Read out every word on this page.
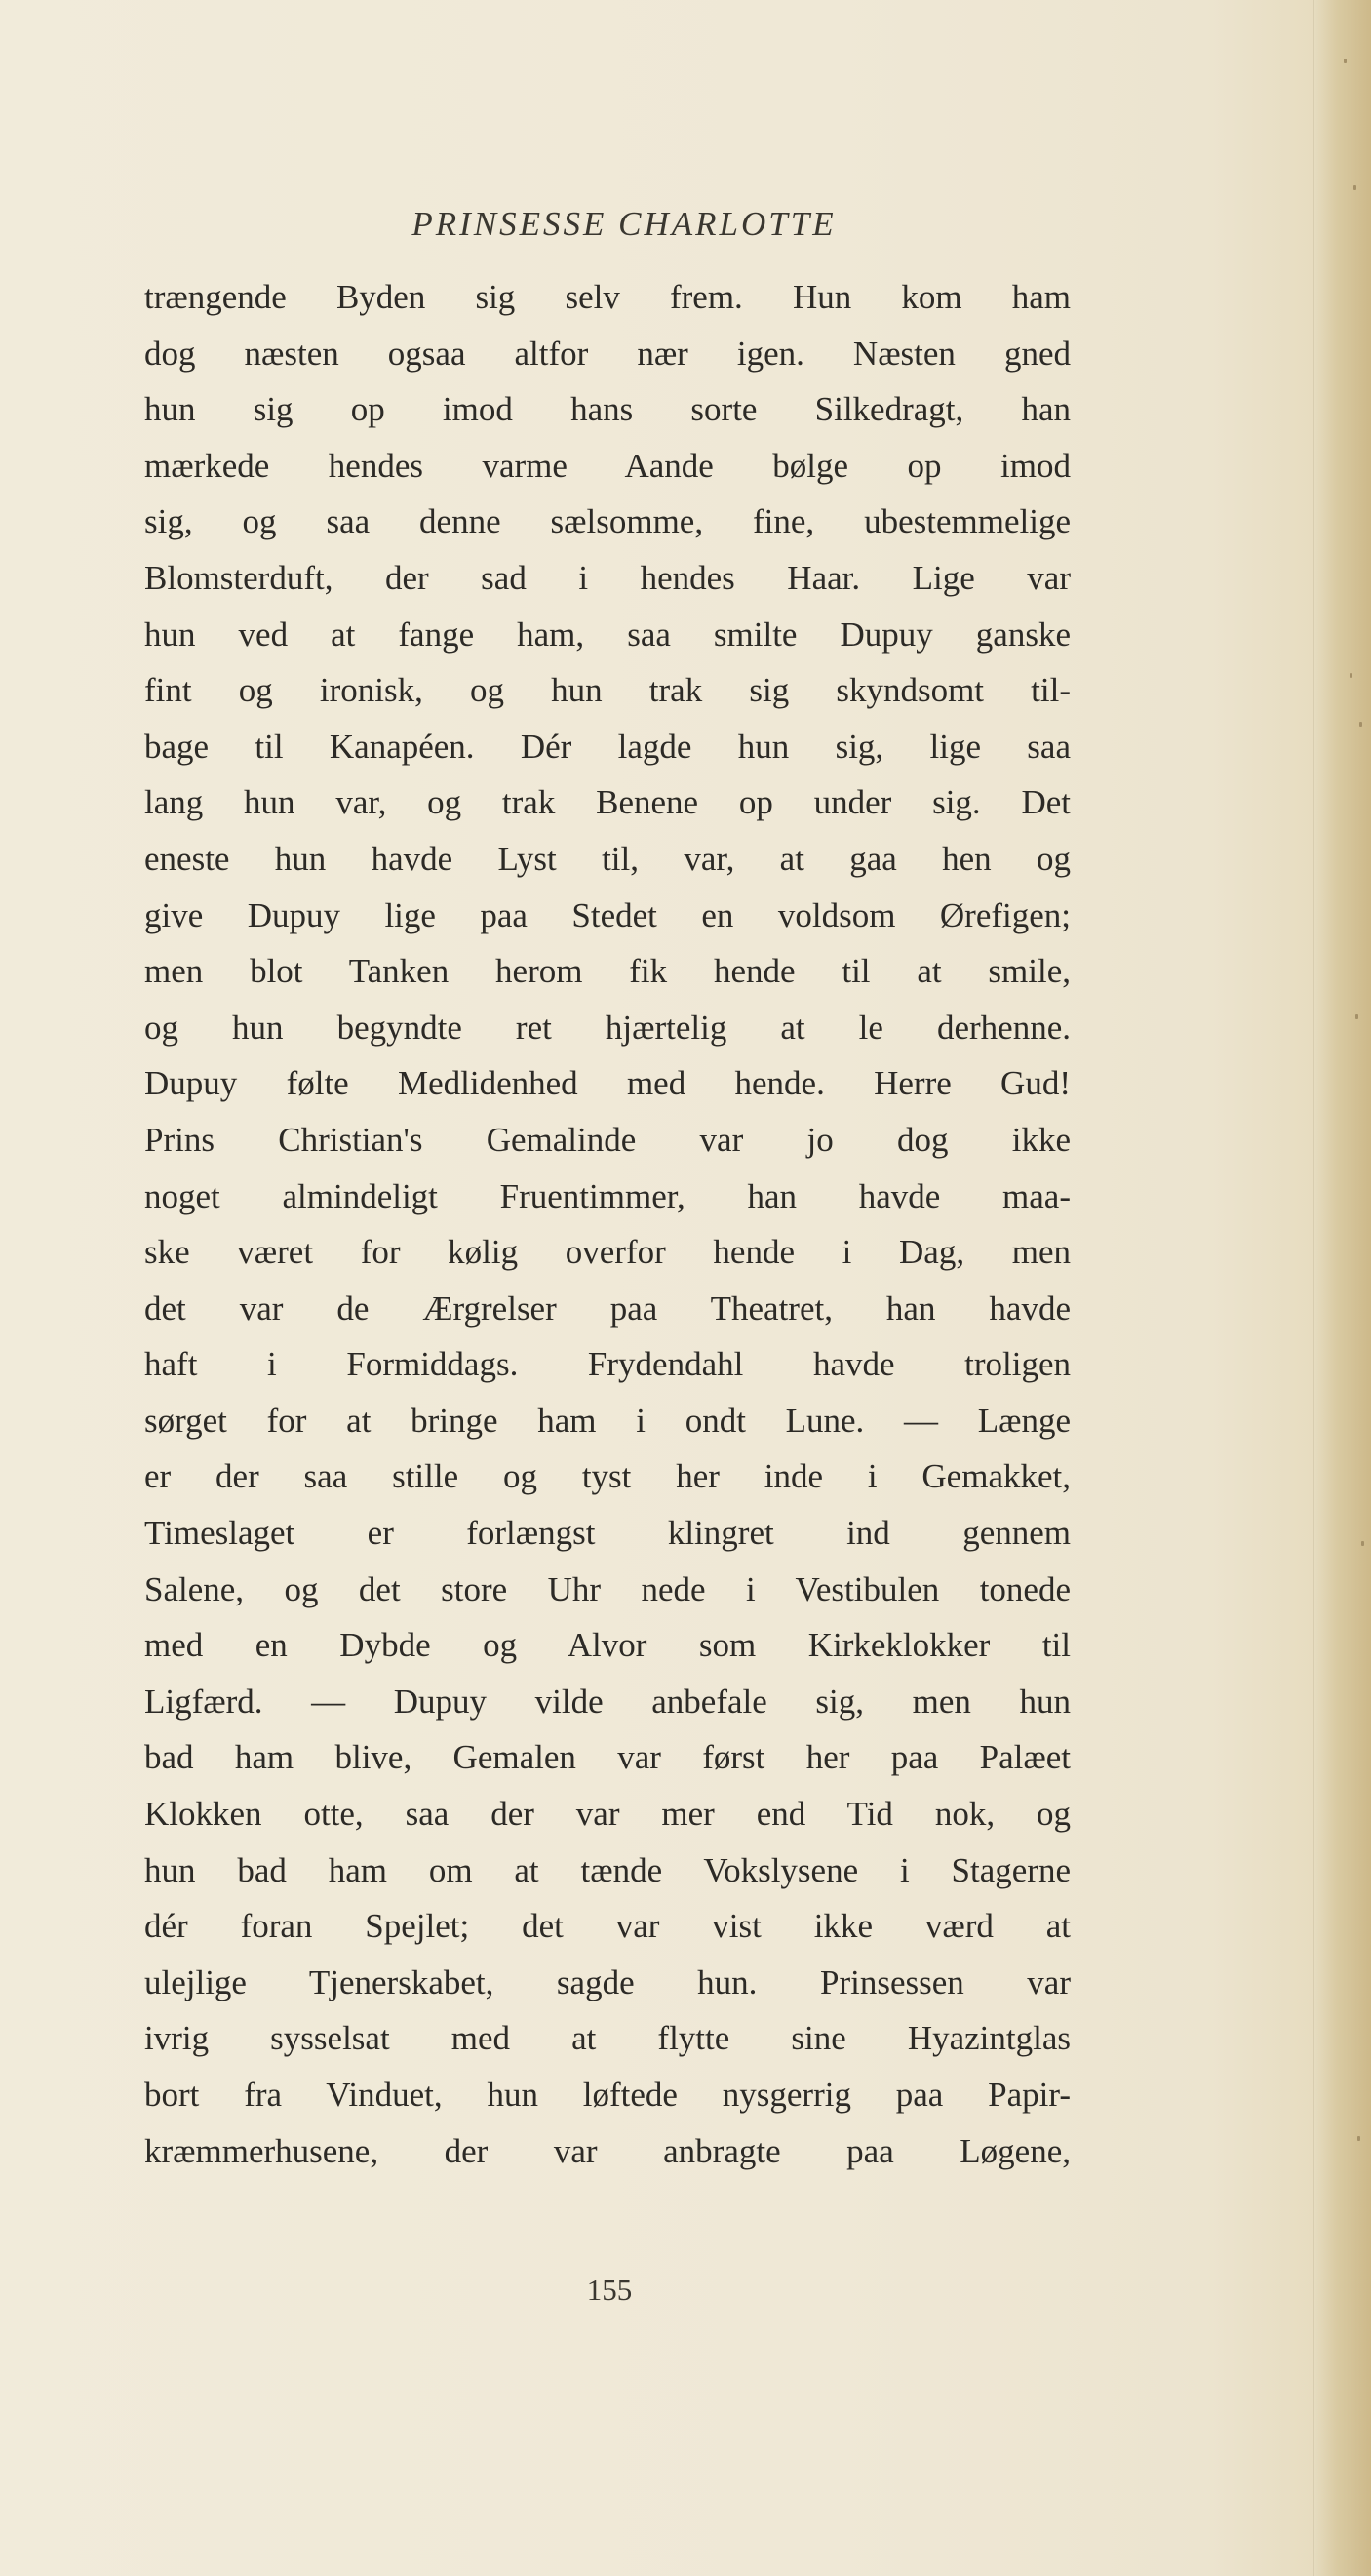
PRINSESSE CHARLOTTE
trængende Byden sig selv frem. Hun kom ham
dog næsten ogsaa altfor nær igen. Næsten gned
hun sig op imod hans sorte Silkedragt, han
mærkede hendes varme Aande bølge op imod
sig, og saa denne sælsomme, fine, ubestemmelige
Blomsterduft, der sad i hendes Haar. Lige var
hun ved at fange ham, saa smilte Dupuy ganske
fint og ironisk, og hun trak sig skyndsomt til-
bage til Kanapéen. Dér lagde hun sig, lige saa
lang hun var, og trak Benene op under sig. Det
eneste hun havde Lyst til, var, at gaa hen og
give Dupuy lige paa Stedet en voldsom Ørefigen;
men blot Tanken herom fik hende til at smile,
og hun begyndte ret hjærtelig at le derhenne.
Dupuy følte Medlidenhed med hende. Herre Gud!
Prins Christian's Gemalinde var jo dog ikke
noget almindeligt Fruentimmer, han havde maa-
ske været for kølig overfor hende i Dag, men
det var de Ærgrelser paa Theatret, han havde
haft i Formiddags. Frydendahl havde troligen
sørget for at bringe ham i ondt Lune. — Længe
er der saa stille og tyst her inde i Gemakket,
Timeslaget er forlængst klingret ind gennem
Salene, og det store Uhr nede i Vestibulen tonede
med en Dybde og Alvor som Kirkeklokker til
Ligfærd. — Dupuy vilde anbefale sig, men hun
bad ham blive, Gemalen var først her paa Palæet
Klokken otte, saa der var mer end Tid nok, og
hun bad ham om at tænde Vokslysene i Stagerne
dér foran Spejlet; det var vist ikke værd at
ulejlige Tjenerskabet, sagde hun. Prinsessen var
ivrig sysselsat med at flytte sine Hyazintglas
bort fra Vinduet, hun løftede nysgerrig paa Papir-
kræmmerhusene, der var anbragte paa Løgene,
155
